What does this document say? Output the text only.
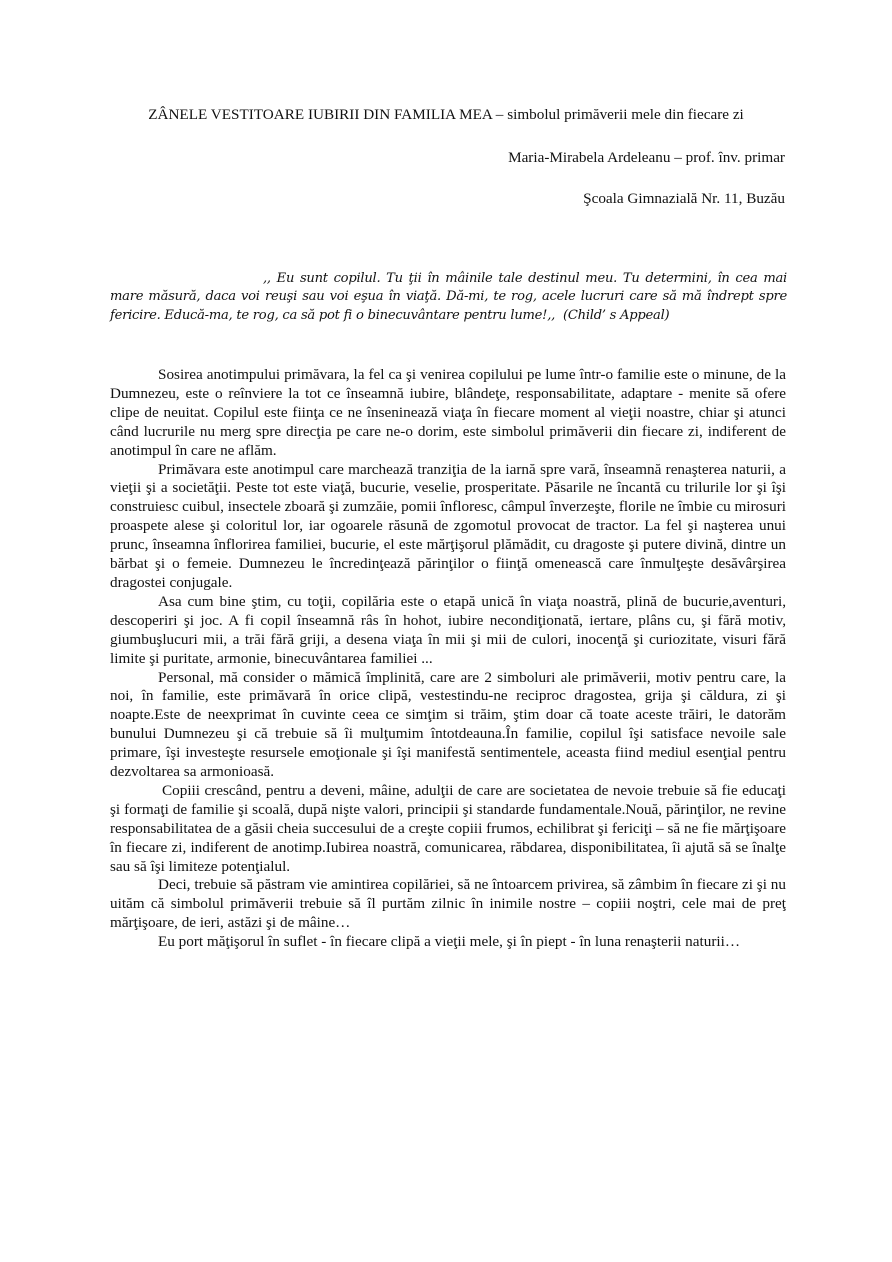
ZÂNELE VESTITOARE IUBIRII DIN FAMILIA MEA – simbolul primăverii mele din fiecare zi
Maria-Mirabela Ardeleanu – prof. înv. primar
Şcoala Gimnazială Nr. 11, Buzău

,, Eu sunt copilul. Tu ţii în mâinile tale destinul meu. Tu determini, în cea mai mare măsură, daca voi reuşi sau voi eşua în viaţă. Dă-mi, te rog, acele lucruri care să mă îndrept spre fericire. Educă-ma, te rog, ca să pot fi o binecuvântare pentru lume!,, (Child’ s Appeal)

Sosirea anotimpului primăvara, la fel ca şi venirea copilului pe lume într-o familie este o minune, de la Dumnezeu, este o reînviere la tot ce înseamnă iubire, blândeţe, responsabilitate, adaptare - menite să ofere clipe de neuitat. Copilul este fiinţa ce ne înseninează viaţa în fiecare moment al vieţii noastre, chiar şi atunci când lucrurile nu merg spre direcţia pe care ne-o dorim, este simbolul primăverii din fiecare zi, indiferent de anotimpul în care ne aflăm.

Primăvara este anotimpul care marchează tranziţia de la iarnă spre vară, înseamnă renaşterea naturii, a vieţii şi a societăţii. Peste tot este viaţă, bucurie, veselie, prosperitate. Păsarile ne încantă cu trilurile lor şi îşi construiesc cuibul, insectele zboară şi zumzăie, pomii înfloresc, câmpul înverzeşte, florile ne îmbie cu mirosuri proaspete alese şi coloritul lor, iar ogoarele răsună de zgomotul provocat de tractor. La fel şi naşterea unui prunc, înseamna înflorirea familiei, bucurie, el este mărţişorul plămădit, cu dragoste şi putere divină, dintre un bărbat şi o femeie. Dumnezeu le încredinţează părinţilor o fiinţă omenească care înmulţeşte desăvârşirea dragostei conjugale.

Asa cum bine ştim, cu toţii, copilăria este o etapă unică în viaţa noastră, plină de bucurie,aventuri, descoperiri şi joc. A fi copil înseamnă râs în hohot, iubire necondiţionată, iertare, plâns cu, şi fără motiv, giumbuşlucuri mii, a trăi fără griji, a desena viaţa în mii şi mii de culori, inocenţă şi curiozitate, visuri fără limite şi puritate, armonie, binecuvântarea familiei ...

Personal, mă consider o mămică împlinită, care are 2 simboluri ale primăverii, motiv pentru care, la noi, în familie, este primăvară în orice clipă, vestestindu-ne reciproc dragostea, grija şi căldura, zi şi noapte.Este de neexprimat în cuvinte ceea ce simţim si trăim, ştim doar că toate aceste trăiri, le datorăm bunului Dumnezeu şi că trebuie să îi mulţumim întotdeauna.În familie, copilul îşi satisface nevoile sale primare, îşi investeşte resursele emoţionale şi îşi manifestă sentimentele, aceasta fiind mediul esenţial pentru dezvoltarea sa armonioasă.

Copiii crescând, pentru a deveni, mâine, adulţii de care are societatea de nevoie trebuie să fie educaţi şi formaţi de familie şi scoală, după nişte valori, principii şi standarde fundamentale.Nouă, părinţilor, ne revine responsabilitatea de a găsii cheia succesului de a creşte copiii frumos, echilibrat şi fericiţi – să ne fie mărţişoare în fiecare zi, indiferent de anotimp.Iubirea noastră, comunicarea, răbdarea, disponibilitatea, îi ajută să se înalţe sau să îşi limiteze potenţialul.

Deci, trebuie să păstram vie amintirea copilăriei, să ne întoarcem privirea, să zâmbim în fiecare zi şi nu uităm că simbolul primăverii trebuie să îl purtăm zilnic în inimile nostre – copiii noştri, cele mai de preţ mărţişoare, de ieri, astăzi şi de mâine…

Eu port măţişorul în suflet - în fiecare clipă a vieţii mele, şi în piept - în luna renaşterii naturii…
